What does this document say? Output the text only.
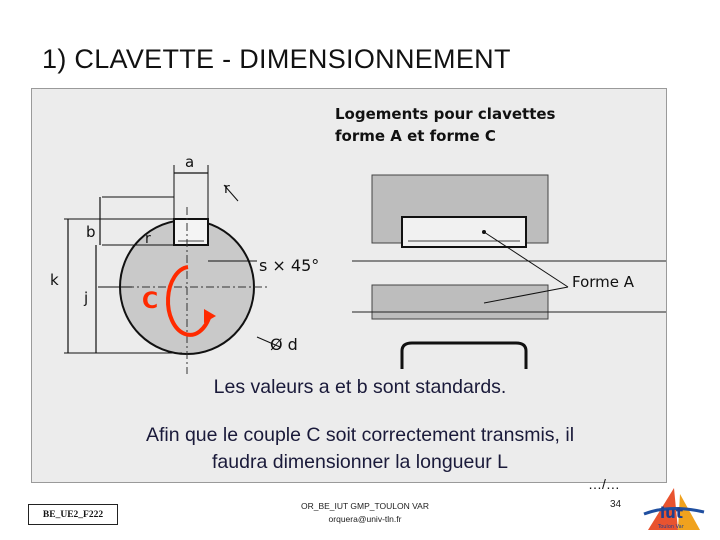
1) CLAVETTE - DIMENSIONNEMENT
Logements pour clavettes
forme A et forme C
a
b
k
j
r
r
s × 45°
Ø d
C
Forme A
Les valeurs a et b sont standards.
Afin que le couple C soit correctement transmis, il
faudra dimensionner la longueur L
…/…
BE_UE2_F222
OR_BE_IUT GMP_TOULON VAR
orquera@univ-tln.fr
34	iut
Toulon Var
